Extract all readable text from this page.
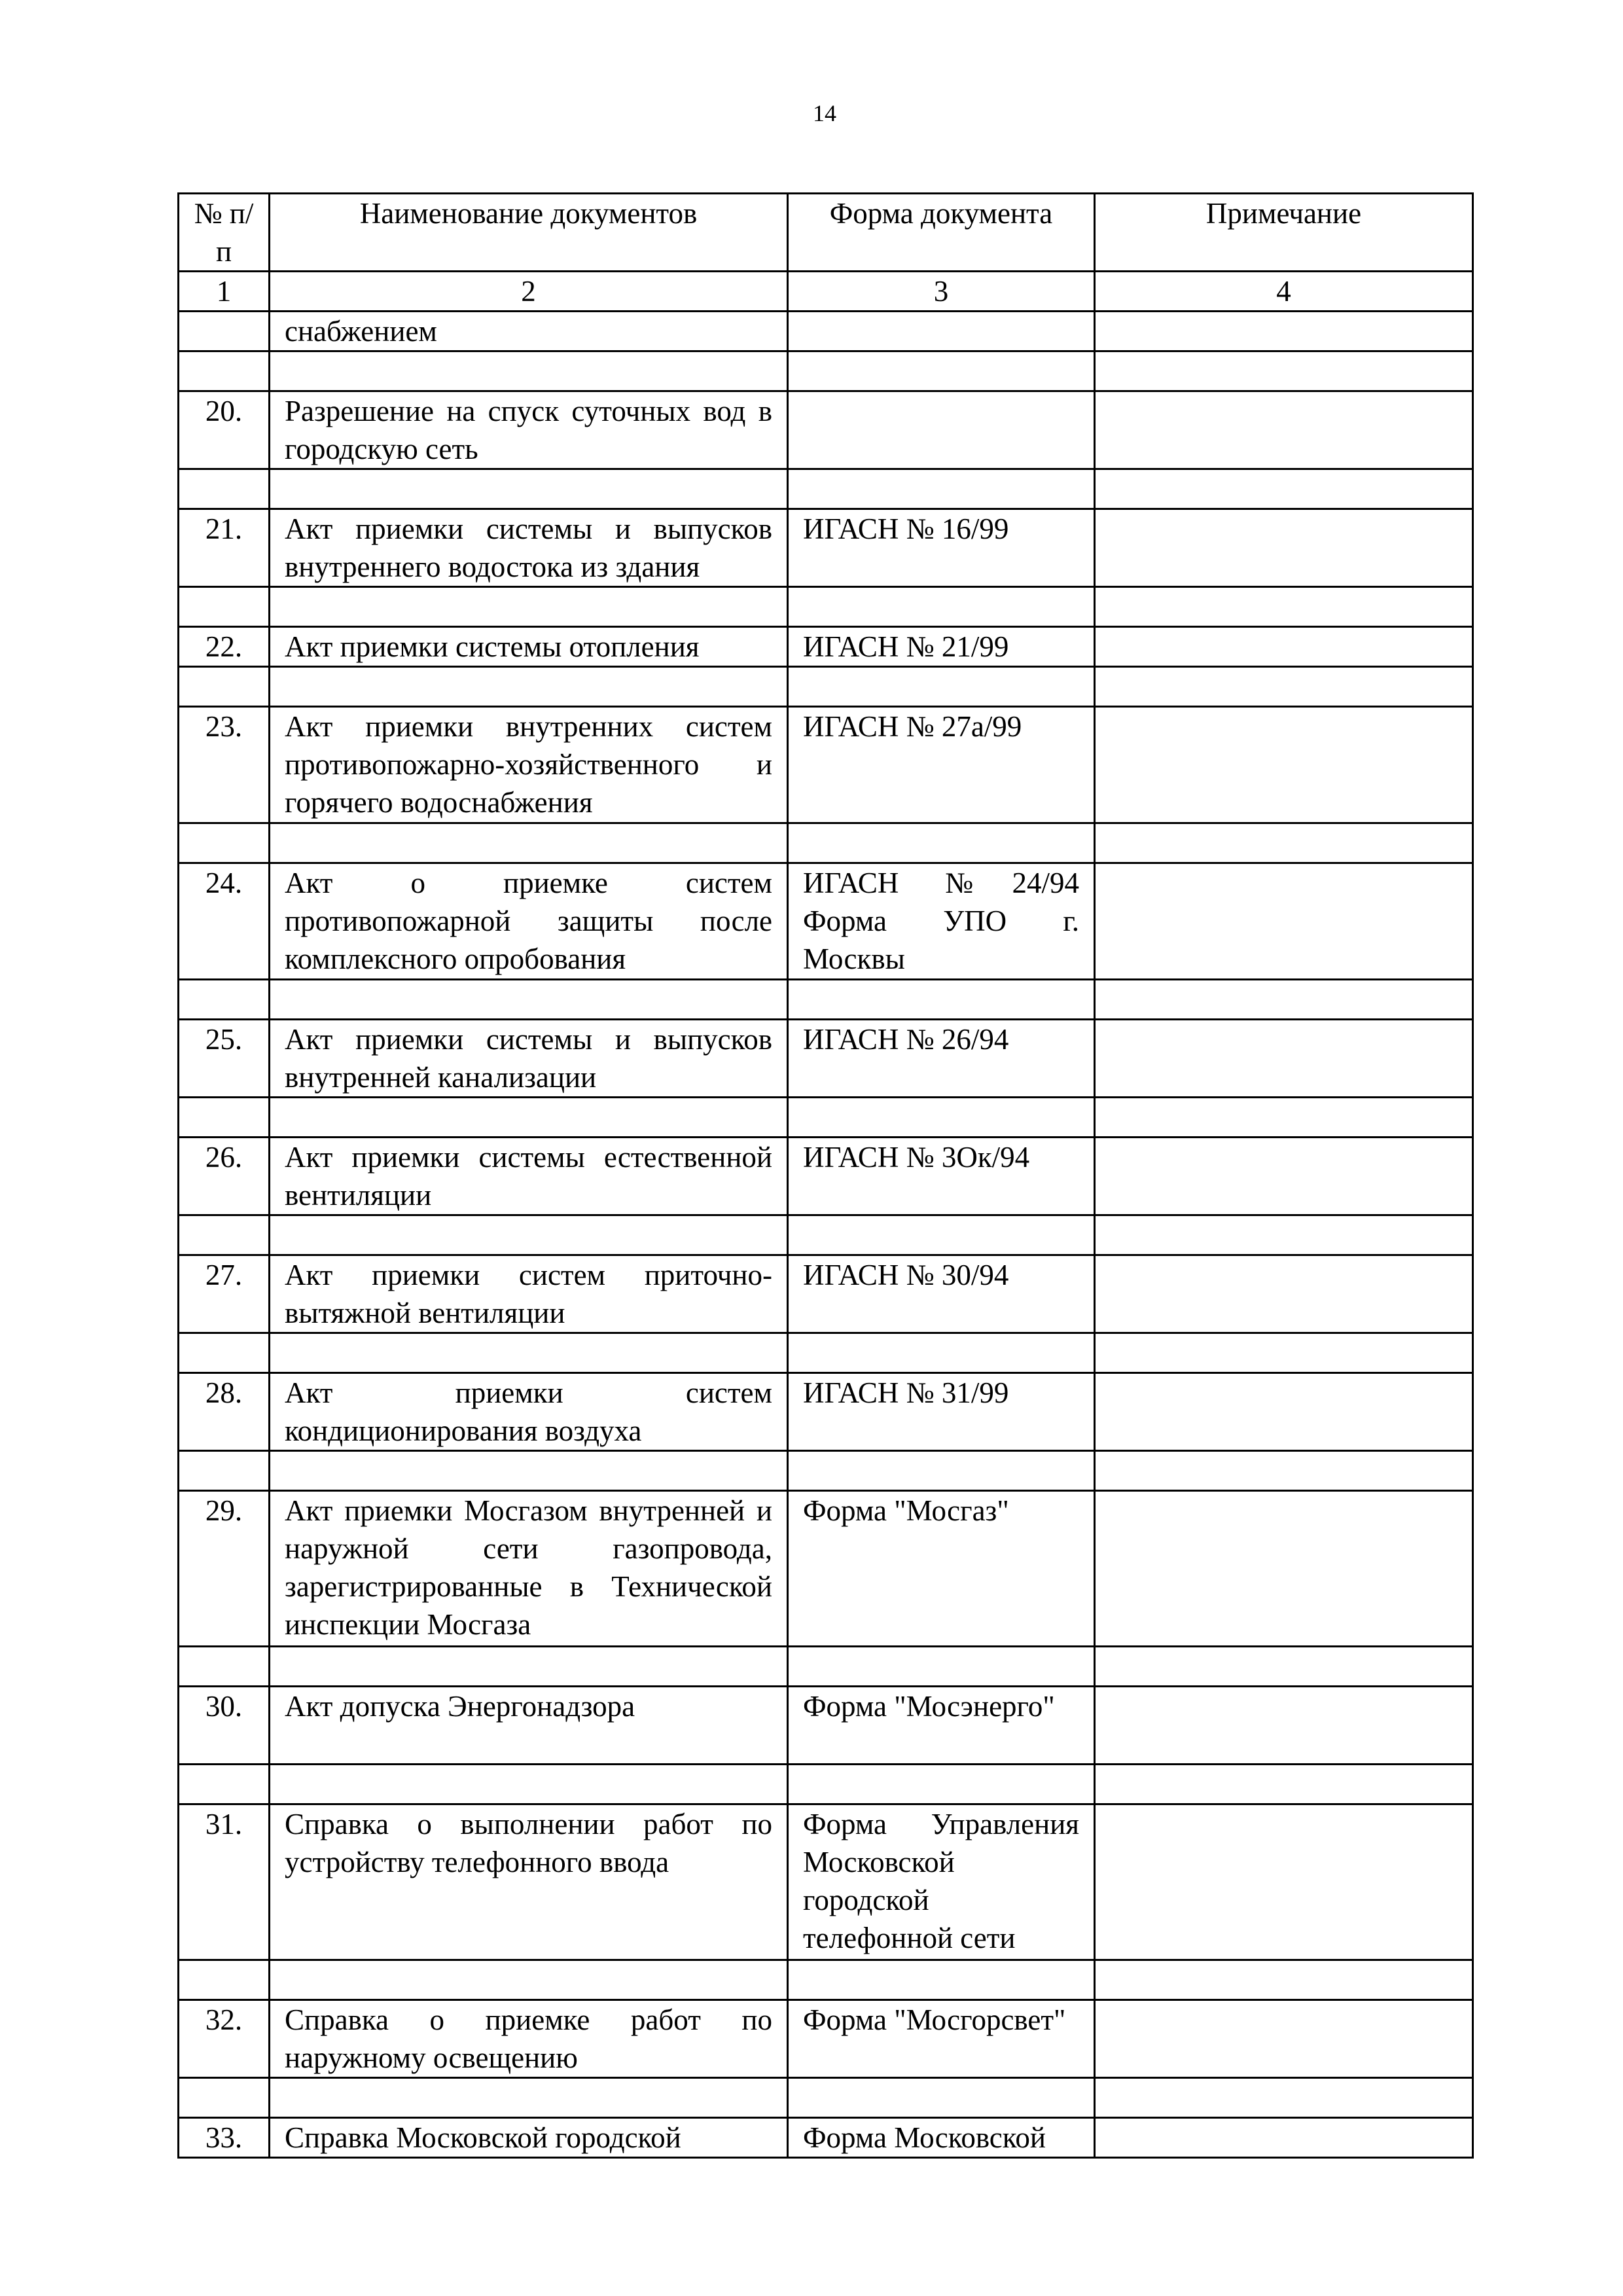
14
№ п/п	Наименование документов	Форма документа	Примечание
1	2	3	4
	снабжением		

20.	Разрешение на спуск суточных вод в городскую сеть		

21.	Акт приемки системы и выпусков внутреннего водостока из здания	ИГАСН № 16/99	

22.	Акт приемки системы отопления	ИГАСН № 21/99	

23.	Акт приемки внутренних систем противопожарно-хозяйственного и горячего водоснабжения	ИГАСН № 27а/99	

24.	Акт о приемке систем противопожарной защиты после комплексного опробования	ИГАСН №24/94 Форма УПО г. Москвы	

25.	Акт приемки системы и выпусков внутренней канализации	ИГАСН № 26/94	

26.	Акт приемки системы естественной вентиляции	ИГАСН № 3Ок/94	

27.	Акт приемки систем приточно-вытяжной вентиляции	ИГАСН № 30/94	

28.	Акт приемки систем кондиционирования воздуха	ИГАСН № 31/99	

29.	Акт приемки Мосгазом внутренней и наружной сети газопровода, зарегистрированные в Технической инспекции Мосгаза	Форма "Мосгаз"	

30.	Акт допуска Энергонадзора	Форма "Мосэнерго"	

31.	Справка о выполнении работ по устройству телефонного ввода	Форма Управления Московской городской телефонной сети	

32.	Справка о приемке работ по наружному освещению	Форма "Мосгорсвет"	

33.	Справка Московской городской	Форма Московской	
